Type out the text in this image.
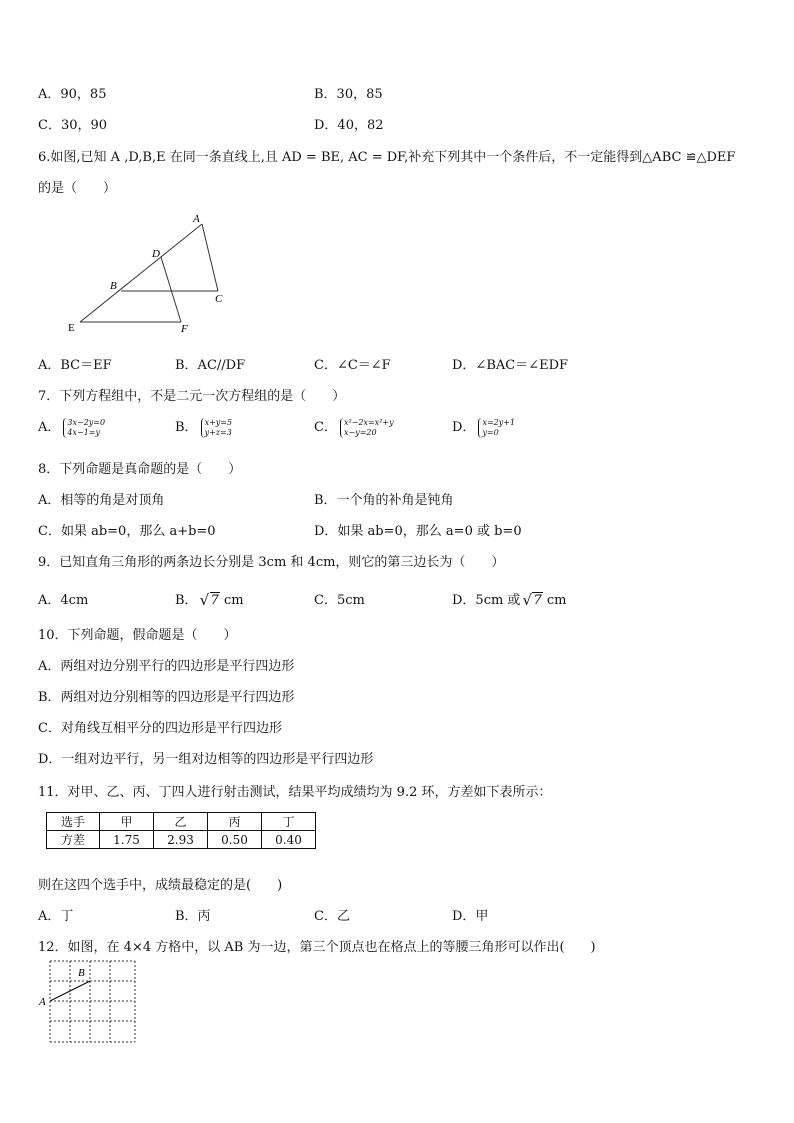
A．90，85	B．30，85
C．30，90	D．40，82
6.如图,已知 A ,D,B,E 在同一条直线上,且 AD = BE, AC = DF,补充下列其中一个条件后，不一定能得到△ABC ≌△DEF
的是（　　）
A
D
B
C
E	F
A．BC＝EF	B．AC//DF	C．∠C＝∠F	D．∠BAC＝∠EDF
7．下列方程组中，不是二元一次方程组的是（　　）
A． 3x−2y=0
4x−1=y	B． x+y=5
y+z=3	C． x²−2x=x²+y
x−y=20	D． x=2y+1
y=0
8．下列命题是真命题的是（　　）
A．相等的角是对顶角	B．一个角的补角是钝角
C．如果 ab=0，那么 a+b=0	D．如果 ab=0，那么 a=0 或 b=0
9．已知直角三角形的两条边长分别是 3cm 和 4cm，则它的第三边长为（　　）
A．4cm	B． √ 7 cm	C．5cm	D．5cm 或 √ 7 cm
10．下列命题，假命题是（　　）
A．两组对边分别平行的四边形是平行四边形
B．两组对边分别相等的四边形是平行四边形
C．对角线互相平分的四边形是平行四边形
D．一组对边平行，另一组对边相等的四边形是平行四边形
11．对甲、乙、丙、丁四人进行射击测试，结果平均成绩均为 9.2 环，方差如下表所示：
选手	甲	乙	丙	丁
方差	1.75	2.93	0.50	0.40
则在这四个选手中，成绩最稳定的是(　　)
A．丁	B．丙	C．乙	D．甲
12．如图，在 4×4 方格中，以 AB 为一边，第三个顶点也在格点上的等腰三角形可以作出(　　)
A
B
